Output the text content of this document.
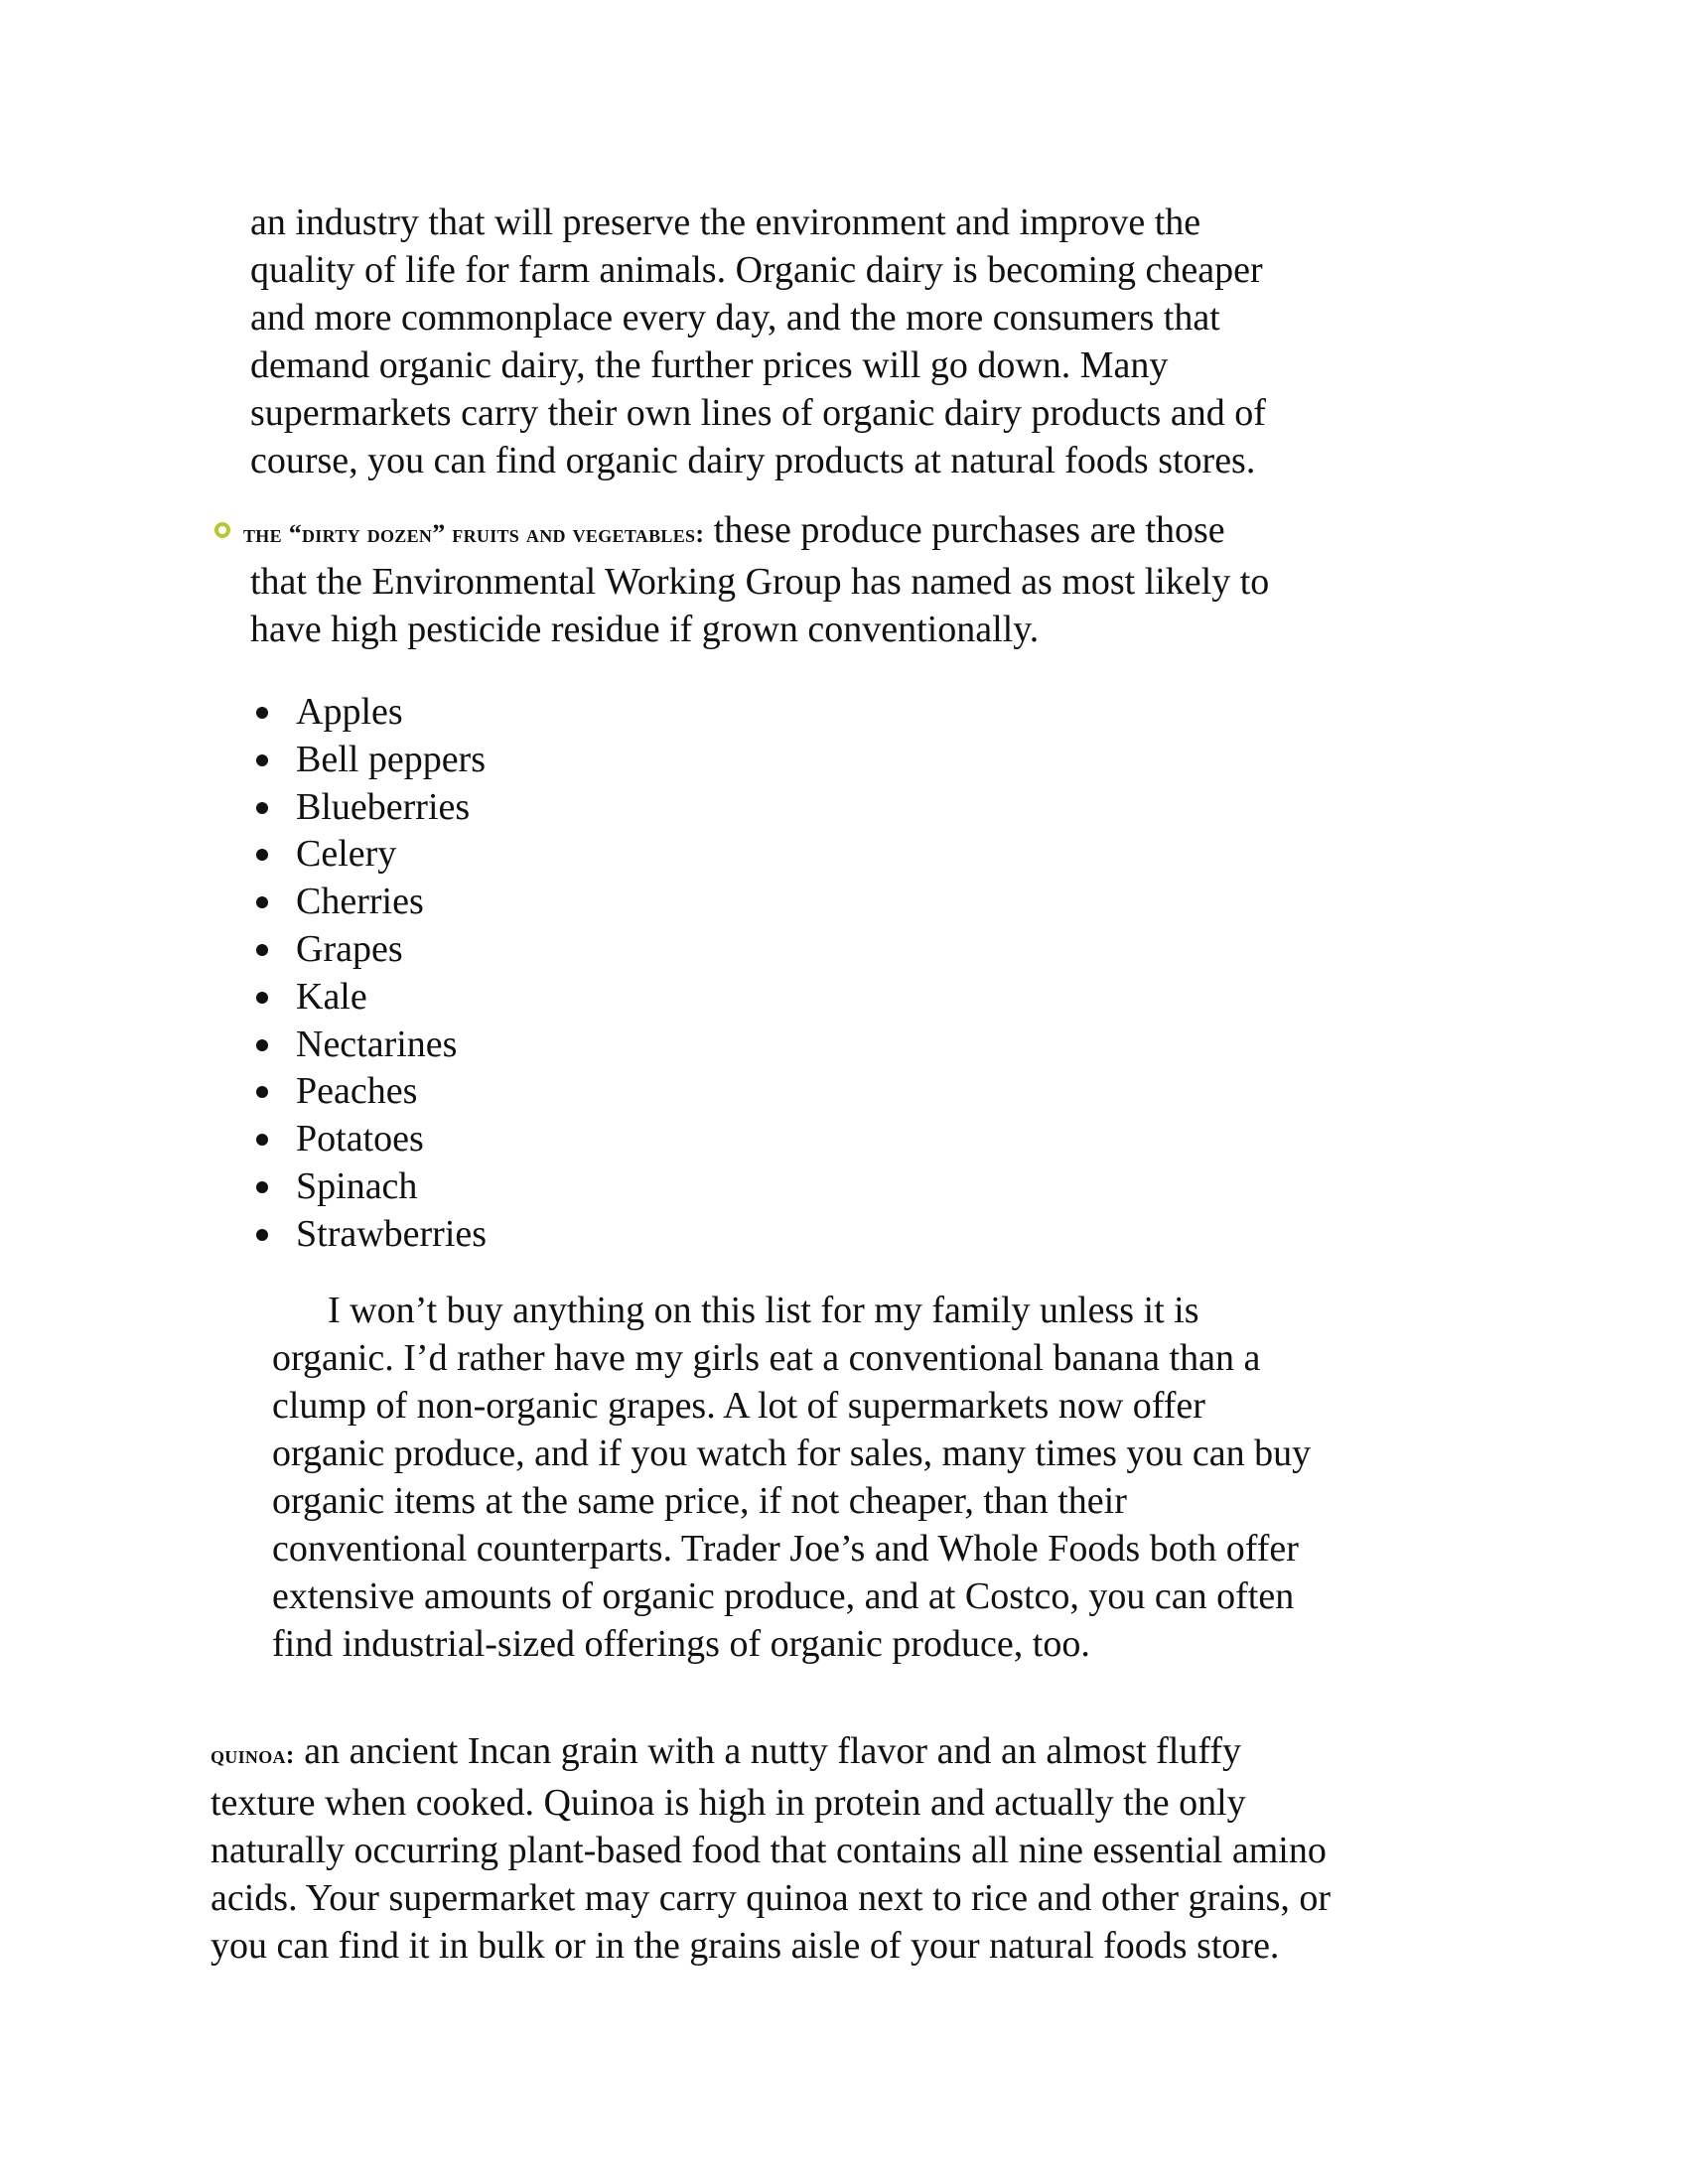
an industry that will preserve the environment and improve the
quality of life for farm animals. Organic dairy is becoming cheaper
and more commonplace every day, and the more consumers that
demand organic dairy, the further prices will go down. Many
supermarkets carry their own lines of organic dairy products and of
course, you can find organic dairy products at natural foods stores.
the “dirty dozen” fruits and vegetables: these produce purchases are those
that the Environmental Working Group has named as most likely to
have high pesticide residue if grown conventionally.
Apples
Bell peppers
Blueberries
Celery
Cherries
Grapes
Kale
Nectarines
Peaches
Potatoes
Spinach
Strawberries
I won’t buy anything on this list for my family unless it is
organic. I’d rather have my girls eat a conventional banana than a
clump of non-organic grapes. A lot of supermarkets now offer
organic produce, and if you watch for sales, many times you can buy
organic items at the same price, if not cheaper, than their
conventional counterparts. Trader Joe’s and Whole Foods both offer
extensive amounts of organic produce, and at Costco, you can often
find industrial-sized offerings of organic produce, too.
quinoa: an ancient Incan grain with a nutty flavor and an almost fluffy
texture when cooked. Quinoa is high in protein and actually the only
naturally occurring plant-based food that contains all nine essential amino
acids. Your supermarket may carry quinoa next to rice and other grains, or
you can find it in bulk or in the grains aisle of your natural foods store.
